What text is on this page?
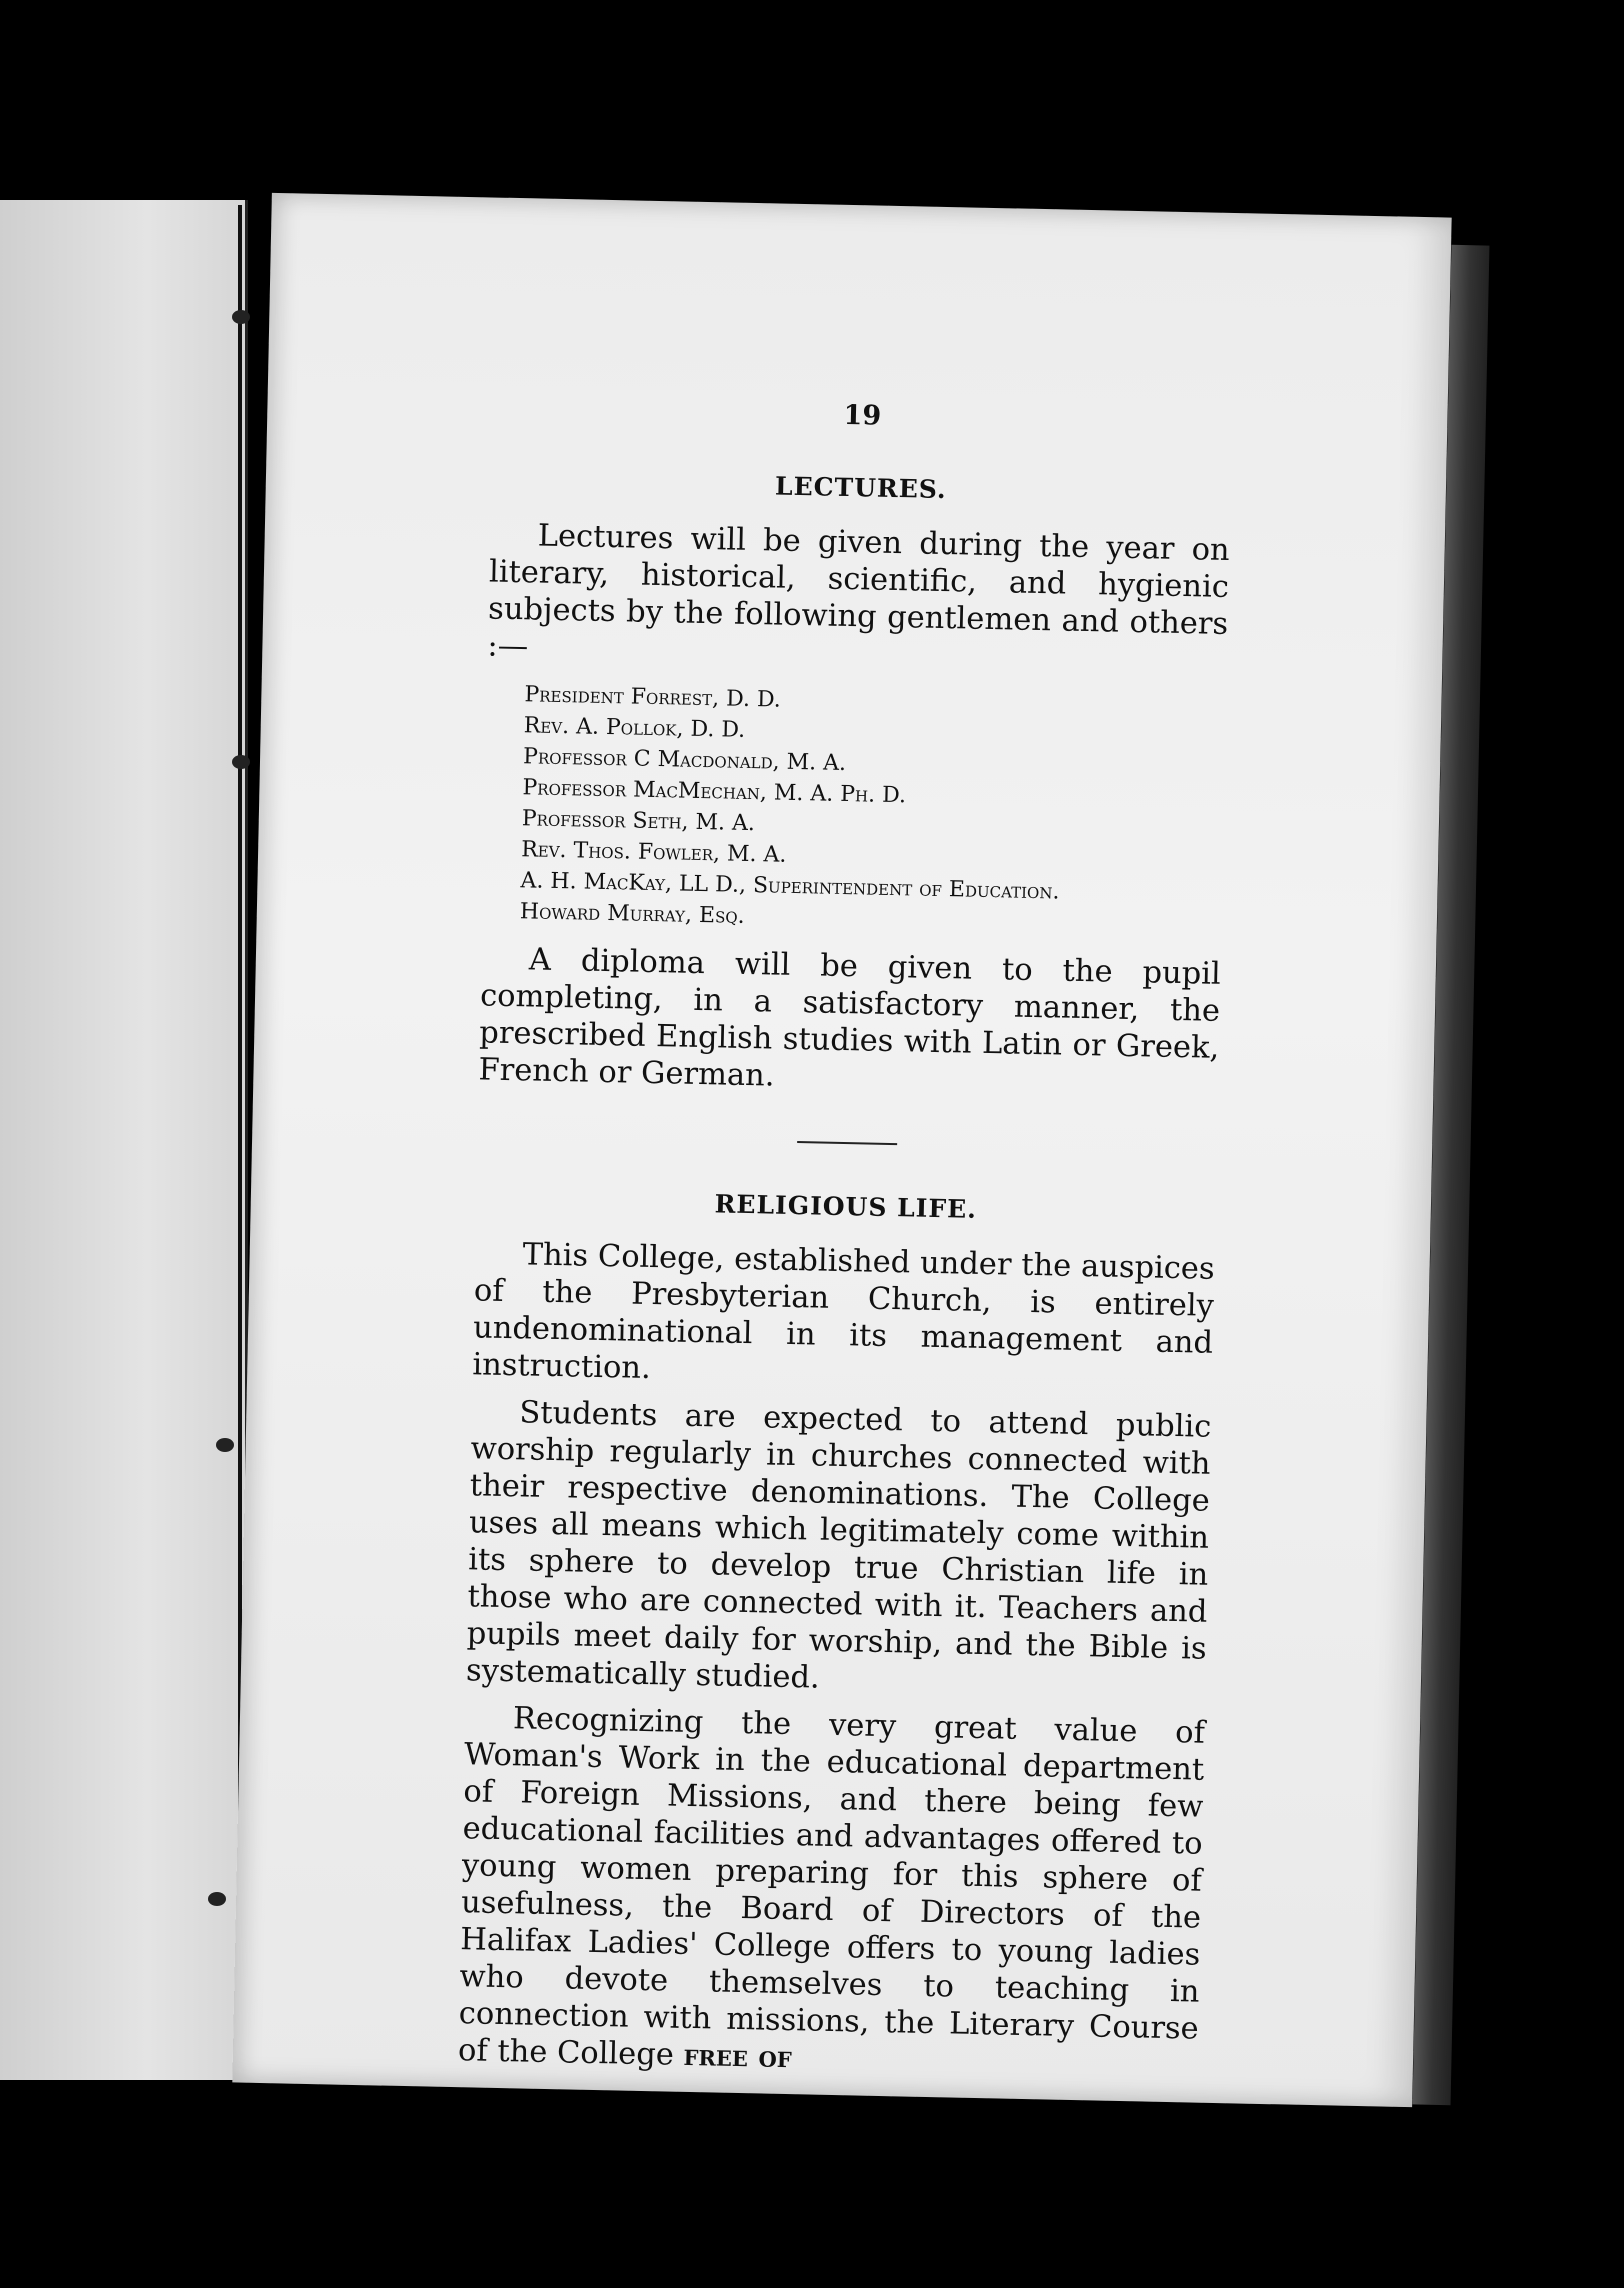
19
LECTURES.

Lectures will be given during the year on literary, historical, scientific, and hygienic subjects by the following gentlemen and others :—

President Forrest, D. D.
Rev. A. Pollok, D. D.
Professor C Macdonald, M. A.
Professor MacMechan, M. A. Ph. D.
Professor Seth, M. A.
Rev. Thos. Fowler, M. A.
A. H. MacKay, LL D., Superintendent of Education.
Howard Murray, Esq.

A diploma will be given to the pupil completing, in a satisfactory manner, the prescribed English studies with Latin or Greek, French or German.

RELIGIOUS LIFE.

This College, established under the auspices of the Presbyterian Church, is entirely undenominational in its management and instruction.

Students are expected to attend public worship regularly in churches connected with their respective denominations. The College uses all means which legitimately come within its sphere to develop true Christian life in those who are connected with it. Teachers and pupils meet daily for worship, and the Bible is systematically studied.

Recognizing the very great value of Woman's Work in the educational department of Foreign Missions, and there being few educational facilities and advantages offered to young women preparing for this sphere of usefulness, the Board of Directors of the Halifax Ladies' College offers to young ladies who devote themselves to teaching in connection with missions, the Literary Course of the College free of
